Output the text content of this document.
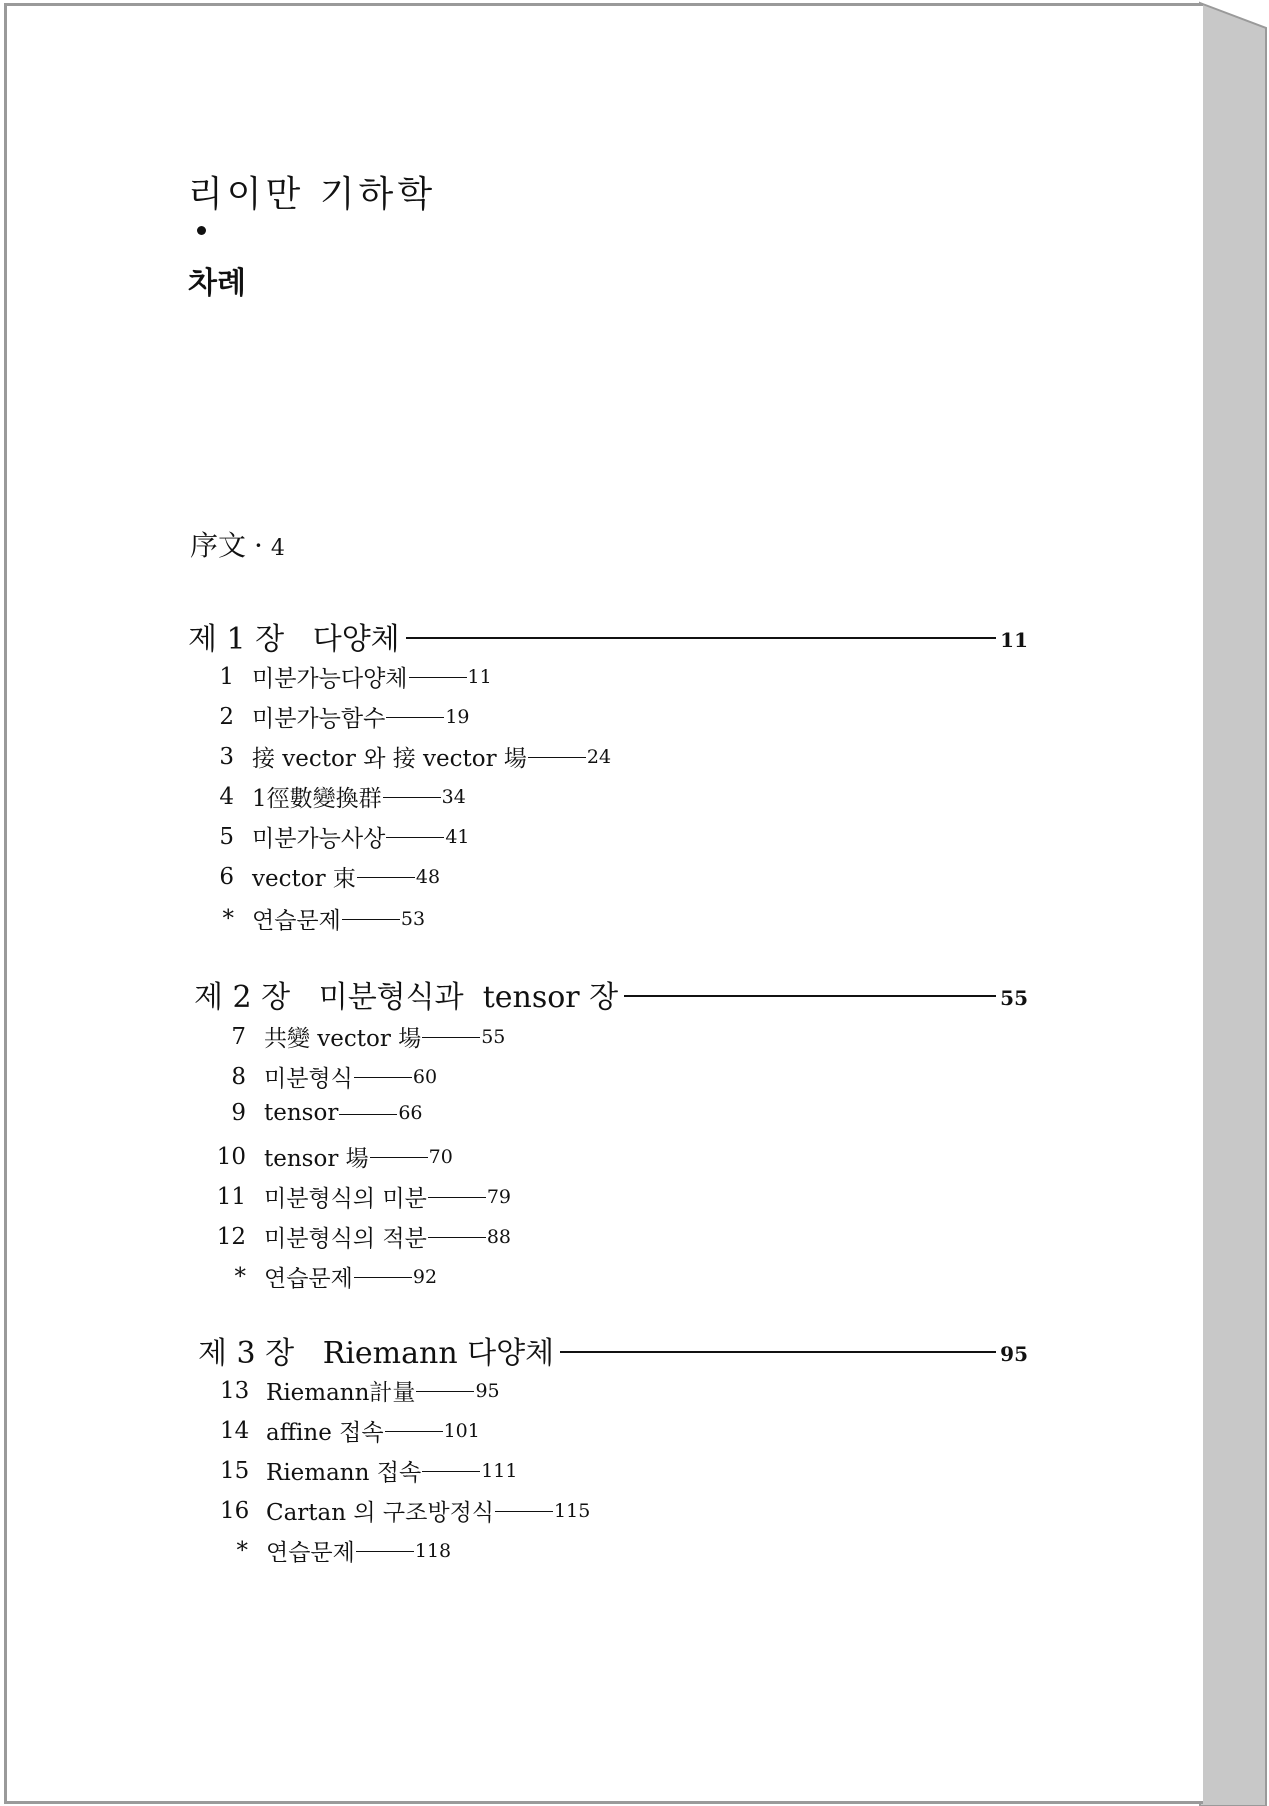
리이만 기하학
차례
序文 · 4
제 1 장   다양체	11
1 미분가능다양체	11
2 미분가능함수	19
3 接 vector 와 接 vector 場	24
4 1徑數變換群	34
5 미분가능사상	41
6 vector 束	48
* 연습문제	53
제 2 장   미분형식과  tensor 장	55
7 共變 vector 場	55
8 미분형식	60
9 tensor	66
10 tensor 場	70
11 미분형식의 미분	79
12 미분형식의 적분	88
* 연습문제	92
제 3 장   Riemann 다양체	95
13 Riemann計量	95
14 affine 접속	101
15 Riemann 접속	111
16 Cartan 의 구조방정식	115
* 연습문제	118
